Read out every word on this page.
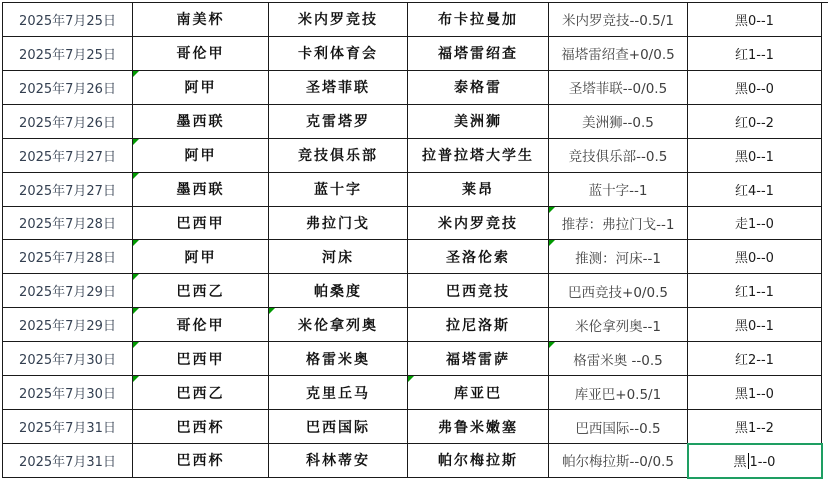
2025年7月25日	南美杯	米内罗竞技	布卡拉曼加	米内罗竞技--0.5/1	黑0--1
2025年7月25日	哥伦甲	卡利体育会	福塔雷绍查	福塔雷绍查+0/0.5	红1--1
2025年7月26日	阿甲	圣塔菲联	泰格雷	圣塔菲联--0/0.5	黑0--0
2025年7月26日	墨西联	克雷塔罗	美洲狮	美洲狮--0.5	红0--2
2025年7月27日	阿甲	竞技俱乐部	拉普拉塔大学生	竞技俱乐部--0.5	黑0--1
2025年7月27日	墨西联	蓝十字	莱昂	蓝十字--1	红4--1
2025年7月28日	巴西甲	弗拉门戈	米内罗竞技	推荐：弗拉门戈--1	走1--0
2025年7月28日	阿甲	河床	圣洛伦索	推测：河床--1	黑0--0
2025年7月29日	巴西乙	帕桑度	巴西竞技	巴西竞技+0/0.5	红1--1
2025年7月29日	哥伦甲	米伦拿列奥	拉尼洛斯	米伦拿列奥--1	黑0--1
2025年7月30日	巴西甲	格雷米奥	福塔雷萨	格雷米奥 --0.5	红2--1
2025年7月30日	巴西乙	克里丘马	库亚巴	库亚巴+0.5/1	黑1--0
2025年7月31日	巴西杯	巴西国际	弗鲁米嫩塞	巴西国际--0.5	黑1--2
2025年7月31日	巴西杯	科林蒂安	帕尔梅拉斯	帕尔梅拉斯--0/0.5	黑 1--0
